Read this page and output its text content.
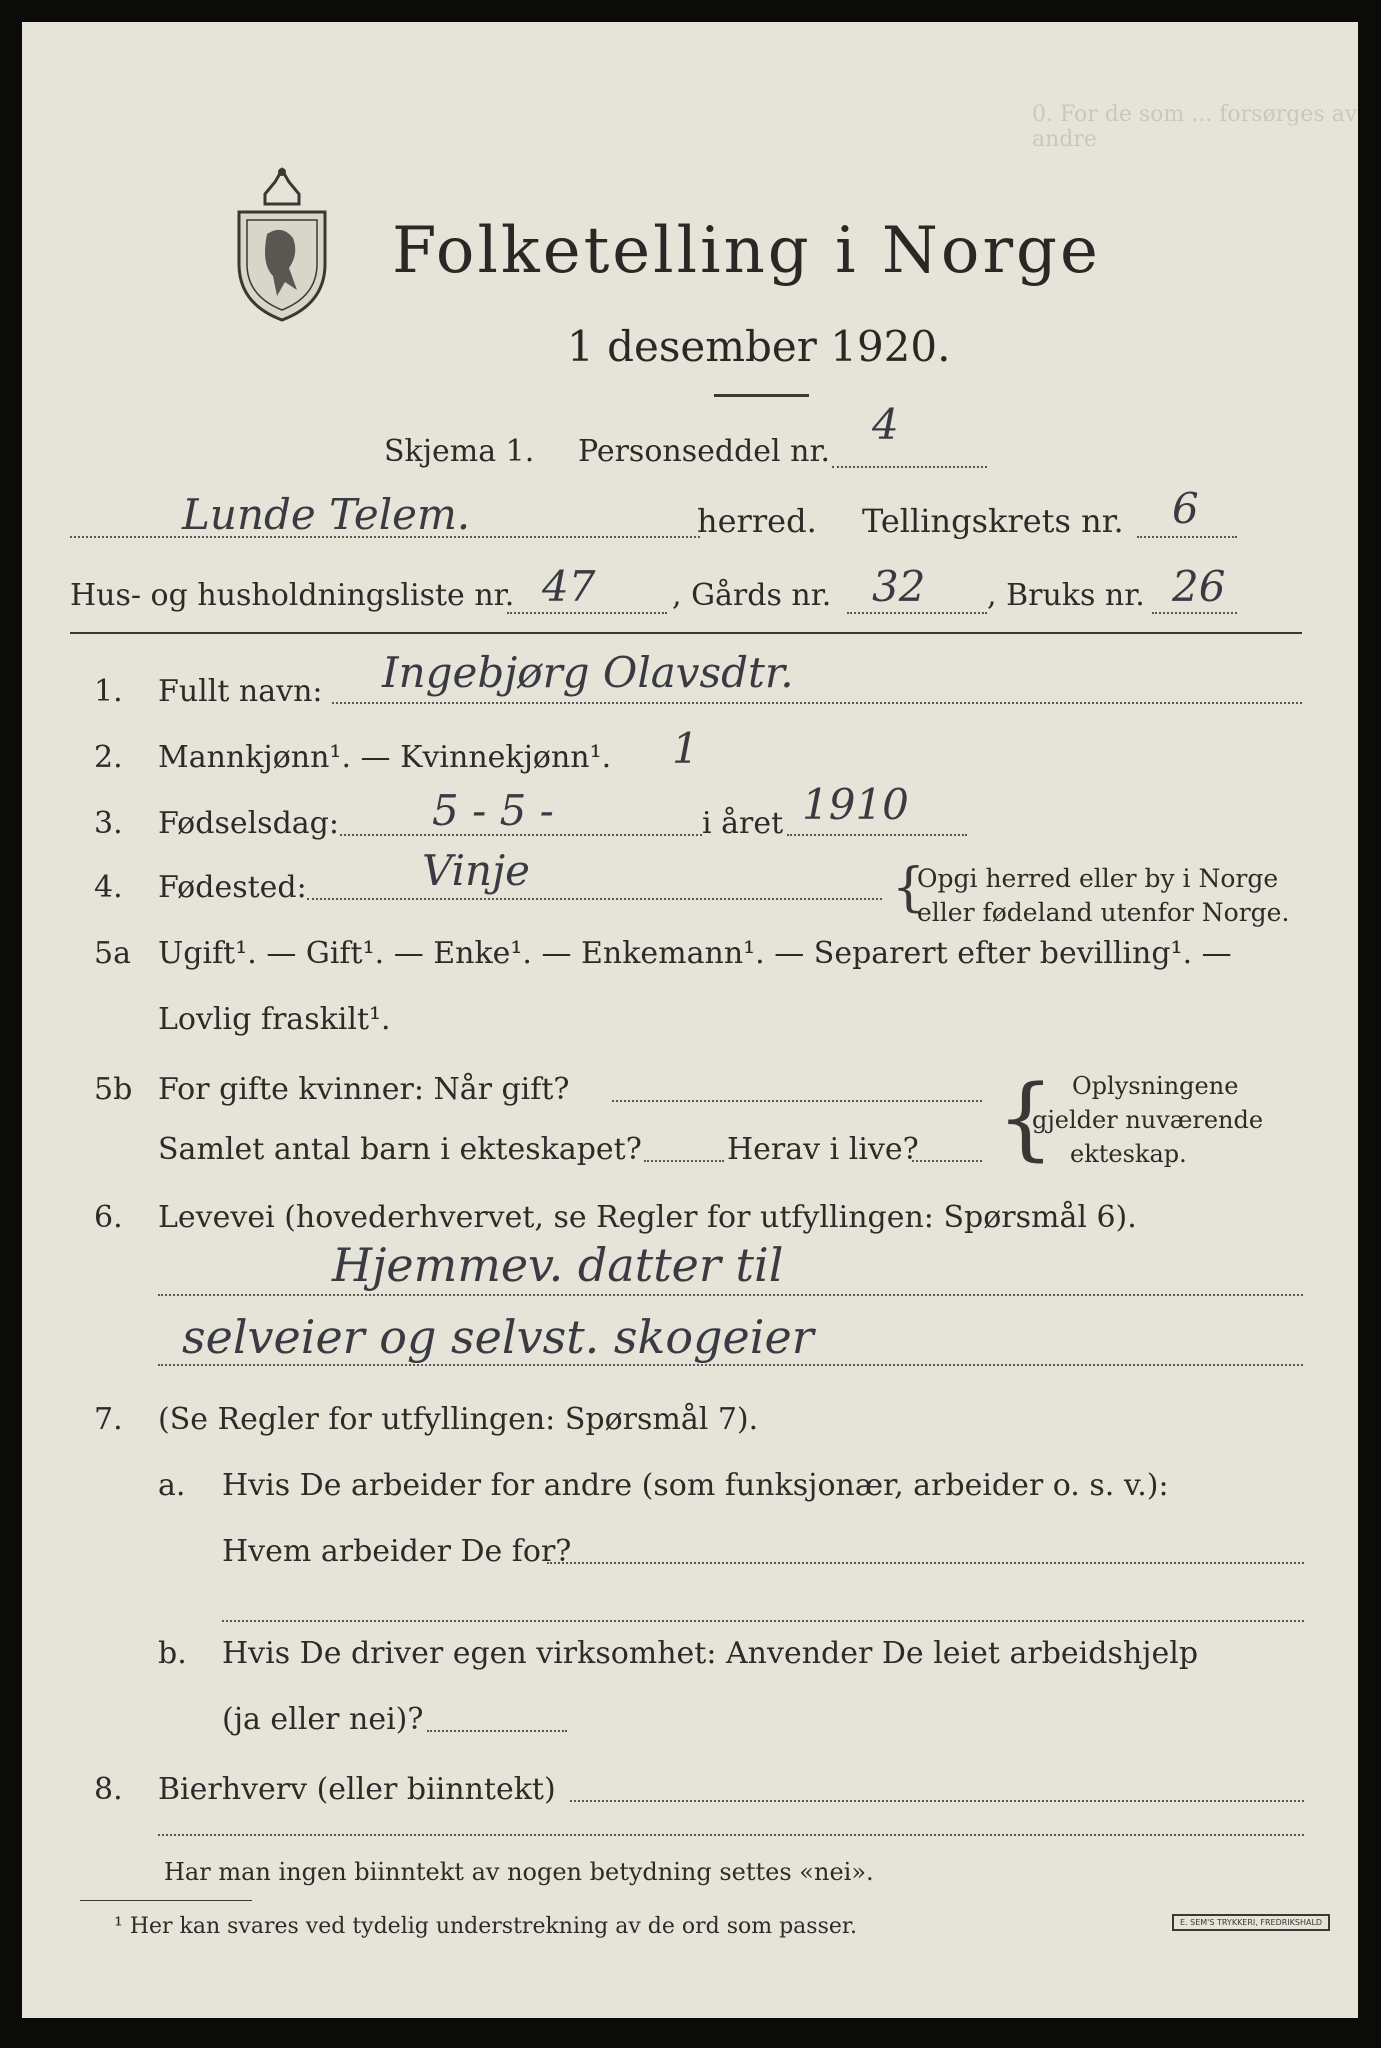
0. For de som ... forsørges av andre
Folketelling i Norge
1 desember 1920.
Skjema 1. Personseddel nr.
4
Lunde Telem.	herred. Tellingskrets nr. 6
Hus- og husholdningsliste nr. 47	, Gårds nr. 32 , Bruks nr. 26
1. Fullt navn: Ingebjørg Olavsdtr.
2. Mannkjønn¹. — Kvinnekjønn¹. 1
3. Fødselsdag: 5 - 5 -	i året 1910
4. Fødested:	Vinje	{
Opgi herred eller by i Norge
eller fødeland utenfor Norge.
5a Ugift¹. — Gift¹. — Enke¹. — Enkemann¹. — Separert efter bevilling¹. —
Lovlig fraskilt¹.
5b For gifte kvinner: Når gift?
Samlet antal barn i ekteskapet?	Herav i live? { Oplysningene
gjelder nuværende
ekteskap.
6. Levevei (hovederhvervet, se Regler for utfyllingen: Spørsmål 6).
Hjemmev. datter til
selveier og selvst. skogeier
7. (Se Regler for utfyllingen: Spørsmål 7).
a. Hvis De arbeider for andre (som funksjonær, arbeider o. s. v.):
Hvem arbeider De for?
b. Hvis De driver egen virksomhet: Anvender De leiet arbeidshjelp
(ja eller nei)?
8. Bierhverv (eller biinntekt)
Har man ingen biinntekt av nogen betydning settes «nei».
¹ Her kan svares ved tydelig understrekning av de ord som passer.	E. SEM'S TRYKKERI, FREDRIKSHALD
